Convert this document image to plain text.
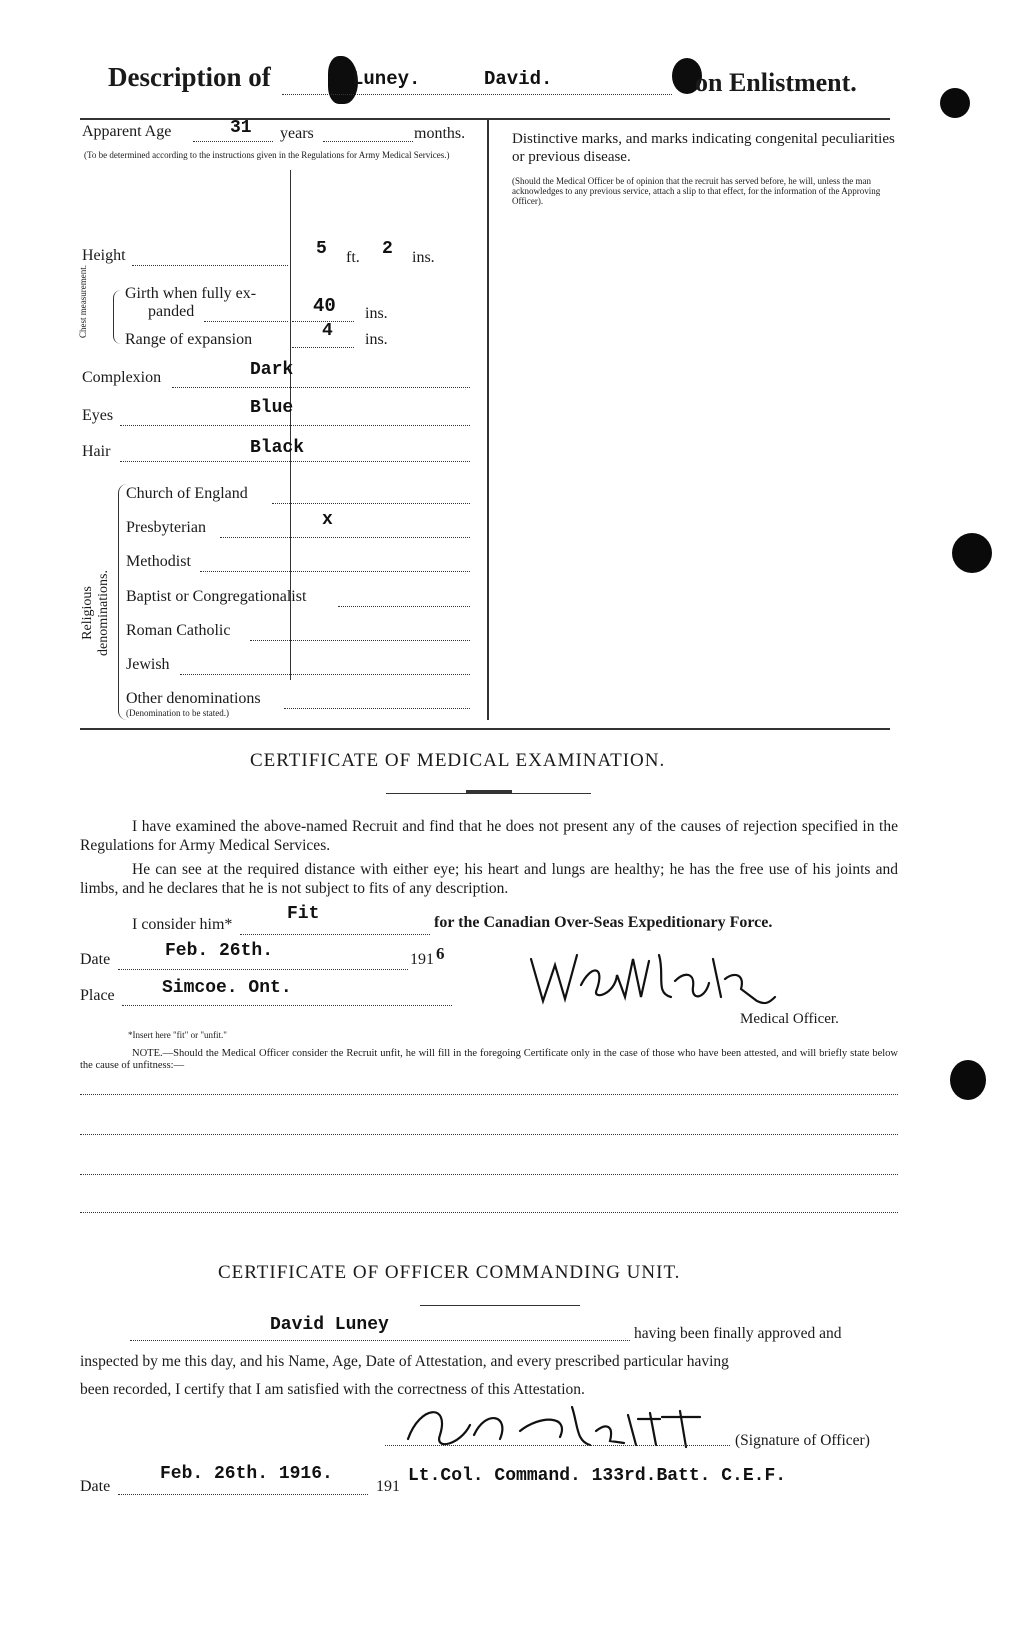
Description of	Luney.	David.	on Enlistment.
Apparent Age	31 years	months.
(To be determined according to the instructions given in the Regulations for Army Medical Services.)
Height	5 ft. 2 ins.
Chest measurement. Girth when fully ex-
panded	40 ins.
Range of expansion	4 ins.
Complexion	Dark
Eyes	Blue
Hair	Black
Religious denominations.
Church of England
Presbyterian	x
Methodist
Baptist or Congregationalist
Roman Catholic
Jewish
Other denominations
(Denomination to be stated.)
Distinctive marks, and marks indicating congenital peculiarities or previous disease.
(Should the Medical Officer be of opinion that the recruit has served before, he will, unless the man acknowledges to any previous service, attach a slip to that effect, for the information of the Approving Officer).
CERTIFICATE OF MEDICAL EXAMINATION.
I have examined the above-named Recruit and find that he does not present any of the causes of rejection specified in the Regulations for Army Medical Services.
He can see at the required distance with either eye; his heart and lungs are healthy; he has the free use of his joints and limbs, and he declares that he is not subject to fits of any description.
I consider him*
Fit	for the Canadian Over-Seas Expeditionary Force.
Date	Feb. 26th.	191 6
Place	Simcoe. Ont.
Medical Officer.
*Insert here "fit" or "unfit."
NOTE.—Should the Medical Officer consider the Recruit unfit, he will fill in the foregoing Certificate only in the case of those who have been attested, and will briefly state below the cause of unfitness:—
CERTIFICATE OF OFFICER COMMANDING UNIT.
David Luney	having been finally approved and
inspected by me this day, and his Name, Age, Date of Attestation, and every prescribed particular having
been recorded, I certify that I am satisfied with the correctness of this Attestation.
(Signature of Officer)
Date
Feb. 26th. 1916.
191
Lt.Col. Command. 133rd.Batt. C.E.F.
